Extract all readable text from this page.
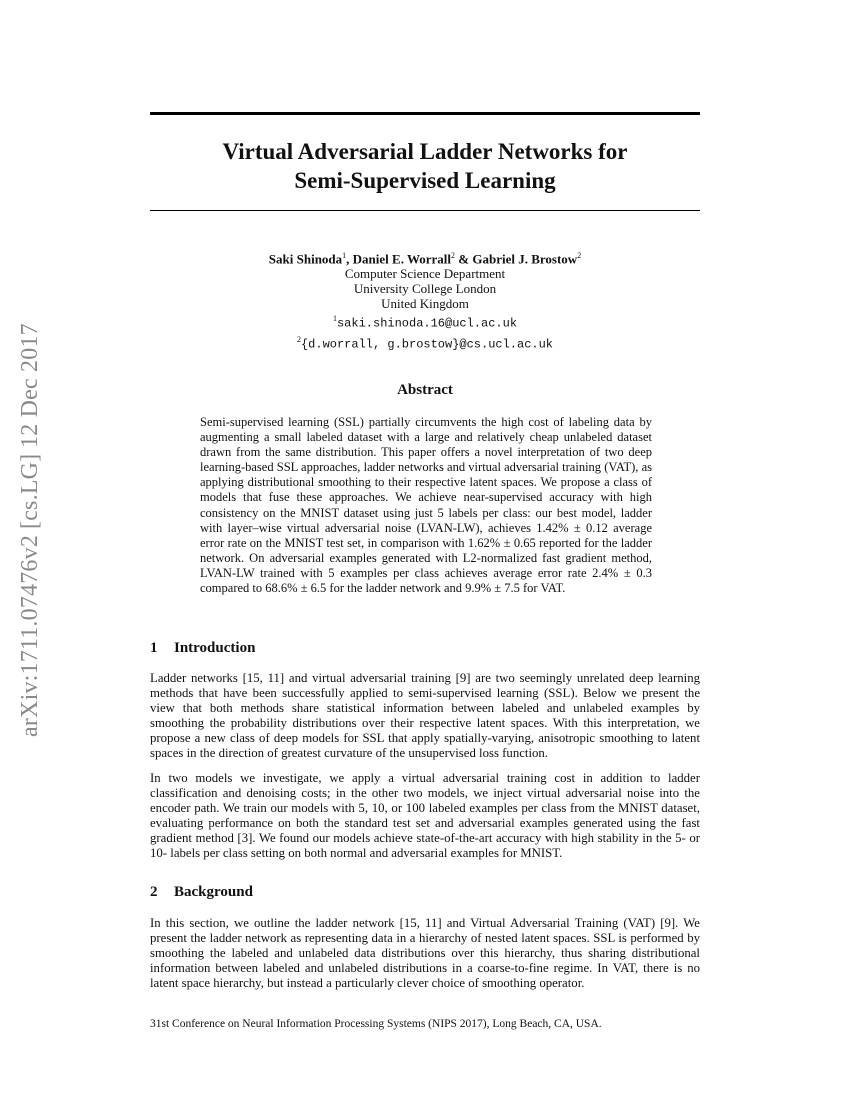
arXiv:1711.07476v2 [cs.LG] 12 Dec 2017
Virtual Adversarial Ladder Networks for
Semi-Supervised Learning
Saki Shinoda$^1$, Daniel E. Worrall$^2$ & Gabriel J. Brostow$^2$
Computer Science Department
University College London
United Kingdom
$^1$saki.shinoda.16@ucl.ac.uk
$^2${d.worrall, g.brostow}@cs.ucl.ac.uk
Abstract

Semi-supervised learning (SSL) partially circumvents the high cost of labeling data by augmenting a small labeled dataset with a large and relatively cheap unlabeled dataset drawn from the same distribution. This paper offers a novel interpretation of two deep learning-based SSL approaches, ladder networks and virtual adversarial training (VAT), as applying distributional smoothing to their respective latent spaces. We propose a class of models that fuse these approaches. We achieve near-supervised accuracy with high consistency on the MNIST dataset using just 5 labels per class: our best model, ladder with layer–wise virtual adversarial noise (LVAN-LW), achieves 1.42% ± 0.12 average error rate on the MNIST test set, in comparison with 1.62% ± 0.65 reported for the ladder network. On adversarial examples generated with L2-normalized fast gradient method, LVAN-LW trained with 5 examples per class achieves average error rate 2.4% ± 0.3 compared to 68.6% ± 6.5 for the ladder network and 9.9% ± 7.5 for VAT.

1 Introduction

Ladder networks [15, 11] and virtual adversarial training [9] are two seemingly unrelated deep learning methods that have been successfully applied to semi-supervised learning (SSL). Below we present the view that both methods share statistical information between labeled and unlabeled examples by smoothing the probability distributions over their respective latent spaces. With this interpretation, we propose a new class of deep models for SSL that apply spatially-varying, anisotropic smoothing to latent spaces in the direction of greatest curvature of the unsupervised loss function.

In two models we investigate, we apply a virtual adversarial training cost in addition to ladder classification and denoising costs; in the other two models, we inject virtual adversarial noise into the encoder path. We train our models with 5, 10, or 100 labeled examples per class from the MNIST dataset, evaluating performance on both the standard test set and adversarial examples generated using the fast gradient method [3]. We found our models achieve state-of-the-art accuracy with high stability in the 5- or 10- labels per class setting on both normal and adversarial examples for MNIST.

2 Background

In this section, we outline the ladder network [15, 11] and Virtual Adversarial Training (VAT) [9]. We present the ladder network as representing data in a hierarchy of nested latent spaces. SSL is performed by smoothing the labeled and unlabeled data distributions over this hierarchy, thus sharing distributional information between labeled and unlabeled distributions in a coarse-to-fine regime. In VAT, there is no latent space hierarchy, but instead a particularly clever choice of smoothing operator.

31st Conference on Neural Information Processing Systems (NIPS 2017), Long Beach, CA, USA.
